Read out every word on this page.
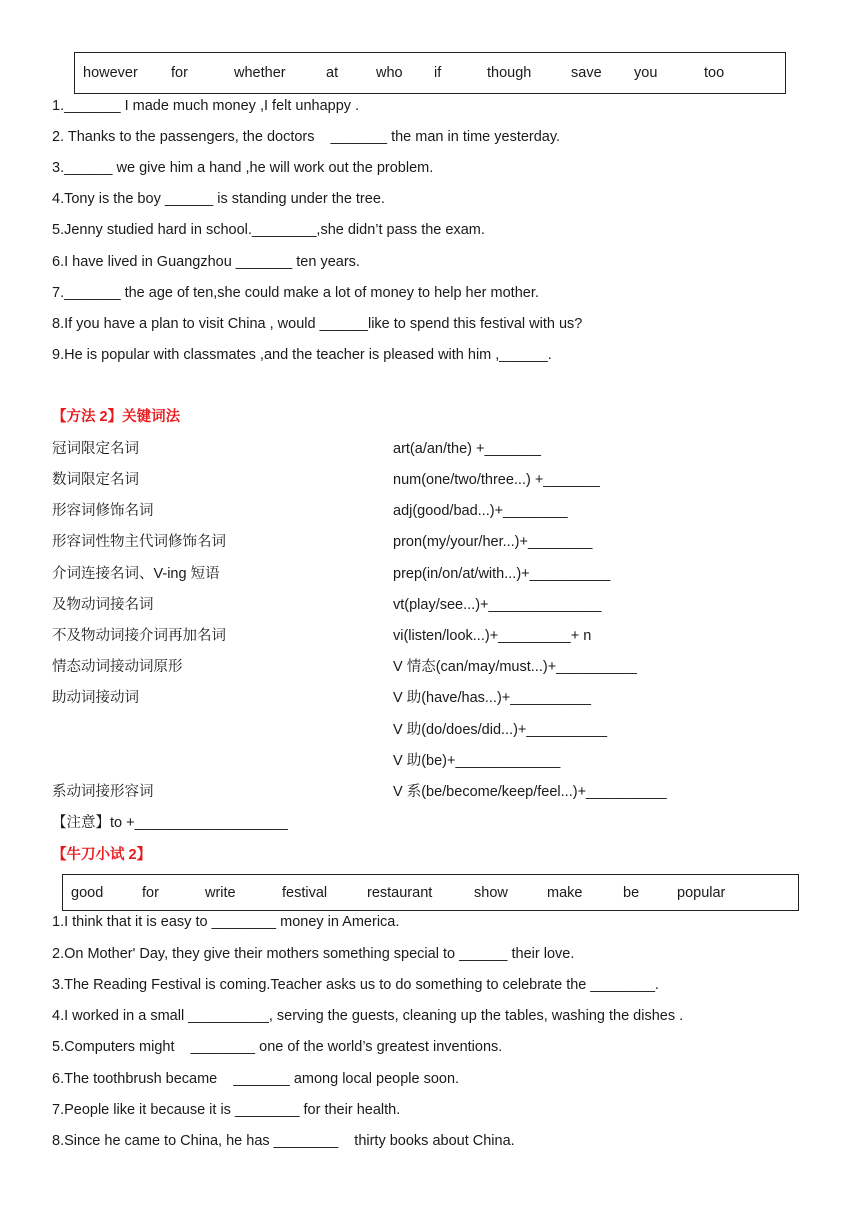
however for	whether	at	who if	though	save you	too
1._______ I made much money ,I felt unhappy .
2. Thanks to the passengers, the doctors    _______ the man in time yesterday.
3.______ we give him a hand ,he will work out the problem.
4.Tony is the boy ______ is standing under the tree.
5.Jenny studied hard in school.________,she didn’t pass the exam.
6.I have lived in Guangzhou _______ ten years.
7._______ the age of ten,she could make a lot of money to help her mother.
8.If you have a plan to visit China , would ______like to spend this festival with us?
9.He is popular with classmates ,and the teacher is pleased with him ,______.
【方法 2】关键词法
冠词限定名词	art(a/an/the) +_______
数词限定名词	num(one/two/three...) +_______
形容词修饰名词	adj(good/bad...)+________
形容词性物主代词修饰名词	pron(my/your/her...)+________
介词连接名词、V-ing 短语	prep(in/on/at/with...)+__________
及物动词接名词	vt(play/see...)+______________
不及物动词接介词再加名词	vi(listen/look...)+_________+ n
情态动词接动词原形	V 情态(can/may/must...)+__________
助动词接动词	V 助(have/has...)+__________
V 助(do/does/did...)+__________
V 助(be)+_____________
系动词接形容词	V 系(be/become/keep/feel...)+__________
【注意】to +___________________
【牛刀小试 2】
good	for	write	festival	restaurant	show	make	be	popular
1.I think that it is easy to ________ money in America.
2.On Mother' Day, they give their mothers something special to ______ their love.
3.The Reading Festival is coming.Teacher asks us to do something to celebrate the ________.
4.I worked in a small __________, serving the guests, cleaning up the tables, washing the dishes .
5.Computers might    ________ one of the world’s greatest inventions.
6.The toothbrush became    _______ among local people soon.
7.People like it because it is ________ for their health.
8.Since he came to China, he has ________    thirty books about China.
